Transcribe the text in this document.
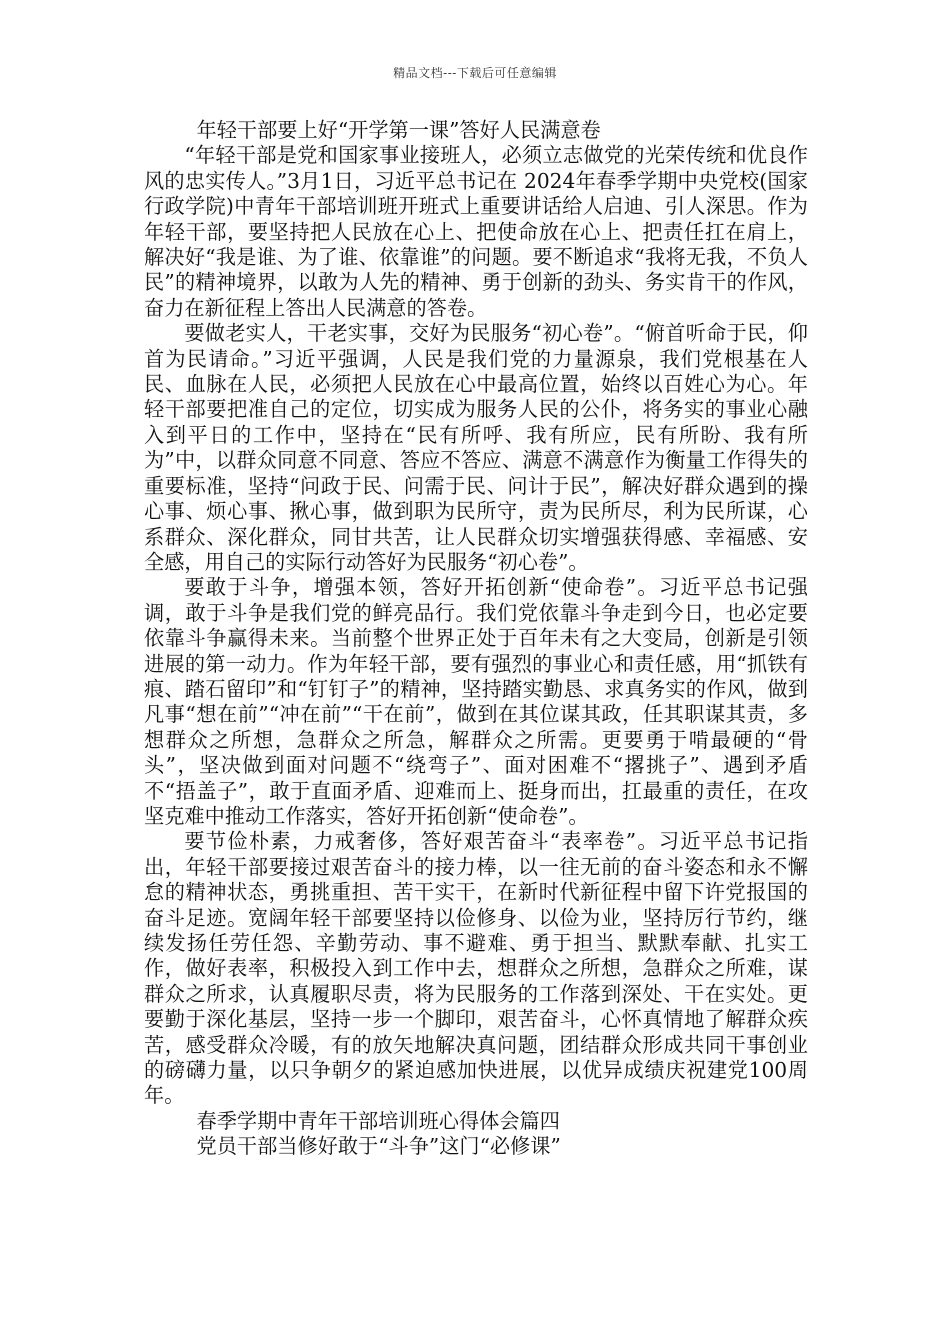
精品文档---下载后可任意编辑

年轻干部要上好“开学第一课”答好人民满意卷

“年轻干部是党和国家事业接班人，必须立志做党的光荣传统和优良作风的忠实传人。”3月1日，习近平总书记在 2024年春季学期中央党校(国家行政学院)中青年干部培训班开班式上重要讲话给人启迪、引人深思。作为年轻干部，要坚持把人民放在心上、把使命放在心上、把责任扛在肩上，解决好“我是谁、为了谁、依靠谁”的问题。要不断追求“我将无我，不负人民”的精神境界，以敢为人先的精神、勇于创新的劲头、务实肯干的作风，奋力在新征程上答出人民满意的答卷。

要做老实人，干老实事，交好为民服务“初心卷”。“俯首听命于民，仰首为民请命。”习近平强调，人民是我们党的力量源泉，我们党根基在人民、血脉在人民，必须把人民放在心中最高位置，始终以百姓心为心。年轻干部要把准自己的定位，切实成为服务人民的公仆，将务实的事业心融入到平日的工作中，坚持在“民有所呼、我有所应，民有所盼、我有所为”中，以群众同意不同意、答应不答应、满意不满意作为衡量工作得失的重要标准，坚持“问政于民、问需于民、问计于民”，解决好群众遇到的操心事、烦心事、揪心事，做到职为民所守，责为民所尽，利为民所谋，心系群众、深化群众，同甘共苦，让人民群众切实增强获得感、幸福感、安全感，用自己的实际行动答好为民服务“初心卷”。

要敢于斗争，增强本领，答好开拓创新“使命卷”。习近平总书记强调，敢于斗争是我们党的鲜亮品行。我们党依靠斗争走到今日，也必定要依靠斗争赢得未来。当前整个世界正处于百年未有之大变局，创新是引领进展的第一动力。作为年轻干部，要有强烈的事业心和责任感，用“抓铁有痕、踏石留印”和“钉钉子”的精神，坚持踏实勤恳、求真务实的作风，做到凡事“想在前”“冲在前”“干在前”，做到在其位谋其政，任其职谋其责，多想群众之所想，急群众之所急，解群众之所需。更要勇于啃最硬的“骨头”，坚决做到面对问题不“绕弯子”、面对困难不“撂挑子”、遇到矛盾不“捂盖子”，敢于直面矛盾、迎难而上、挺身而出，扛最重的责任，在攻坚克难中推动工作落实，答好开拓创新“使命卷”。

要节俭朴素，力戒奢侈，答好艰苦奋斗“表率卷”。习近平总书记指出，年轻干部要接过艰苦奋斗的接力棒，以一往无前的奋斗姿态和永不懈怠的精神状态，勇挑重担、苦干实干，在新时代新征程中留下许党报国的奋斗足迹。宽阔年轻干部要坚持以俭修身、以俭为业，坚持厉行节约，继续发扬任劳任怨、辛勤劳动、事不避难、勇于担当、默默奉献、扎实工作，做好表率，积极投入到工作中去，想群众之所想，急群众之所难，谋群众之所求，认真履职尽责，将为民服务的工作落到深处、干在实处。更要勤于深化基层，坚持一步一个脚印，艰苦奋斗，心怀真情地了解群众疾苦，感受群众冷暖，有的放矢地解决真问题，团结群众形成共同干事创业的磅礴力量，以只争朝夕的紧迫感加快进展，以优异成绩庆祝建党100周年。

春季学期中青年干部培训班心得体会篇四

党员干部当修好敢于“斗争”这门“必修课”
